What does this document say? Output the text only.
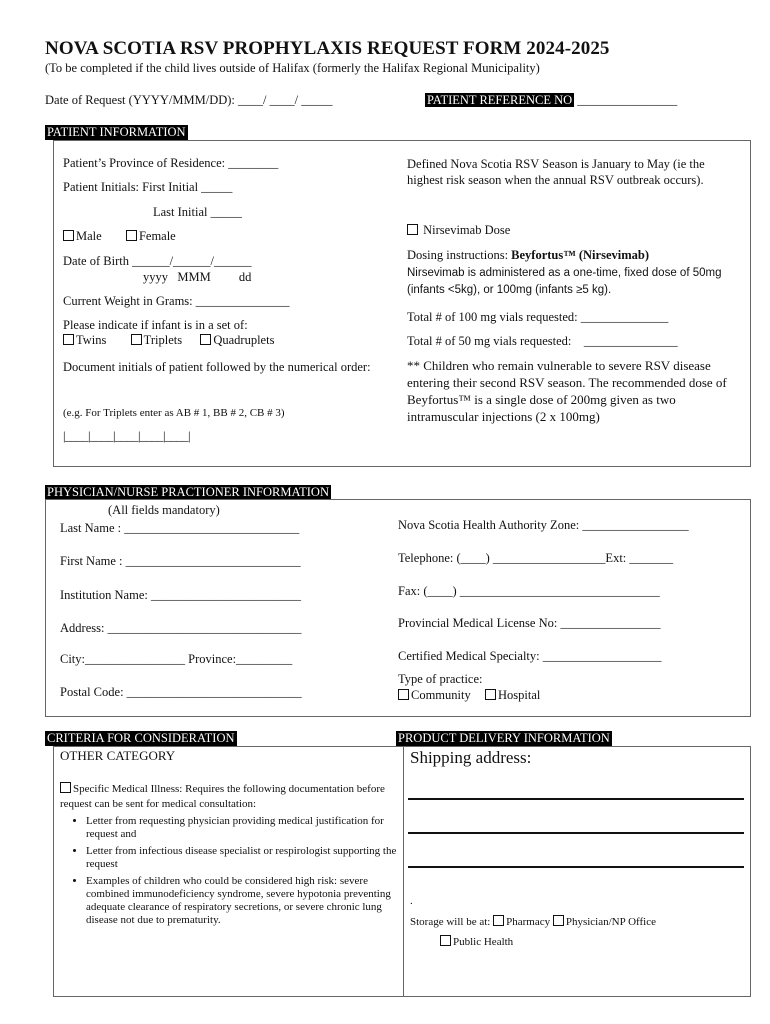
NOVA SCOTIA RSV PROPHYLAXIS REQUEST FORM 2024-2025
(To be completed if the child lives outside of Halifax (formerly the Halifax Regional Municipality)
Date of Request (YYYY/MMM/DD): ____/ ____/ _____	PATIENT REFERENCE NO ________________
PATIENT INFORMATION
Patient’s Province of Residence: ________
Patient Initials: First Initial _____
Last Initial _____
Male	Female
Date of Birth ______/______/______
yyyy   MMM         dd
Current Weight in Grams: _______________
Please indicate if infant is in a set of:
Twins	Triplets	Quadruplets
Document initials of patient followed by the numerical order:
(e.g. For Triplets enter as AB # 1, BB # 2, CB # 3)
|____|____|____|____|____|
Defined Nova Scotia RSV Season is January to May (ie the highest risk season when the annual RSV outbreak occurs).
Nirsevimab Dose
Dosing instructions: Beyfortus™ (Nirsevimab)
Nirsevimab is administered as a one-time, fixed dose of 50mg (infants <5kg), or 100mg (infants ≥5 kg).
Total # of 100 mg vials requested: ______________
Total # of 50 mg vials requested:    _______________
** Children who remain vulnerable to severe RSV disease entering their second RSV season. The recommended dose of Beyfortus™ is a single dose of 200mg given as two intramuscular injections (2 x 100mg)
PHYSICIAN/NURSE PRACTIONER INFORMATION
(All fields mandatory)
Last Name : ____________________________
First Name : ____________________________
Institution Name: ________________________
Address: _______________________________
City:________________ Province:_________
Postal Code: ____________________________
Nova Scotia Health Authority Zone: _________________
Telephone: (____) __________________Ext: _______
Fax: (____) ________________________________
Provincial Medical License No: ________________
Certified Medical Specialty: ___________________
Type of practice:
Community Hospital
CRITERIA FOR CONSIDERATION	PRODUCT DELIVERY INFORMATION
OTHER CATEGORY
Specific Medical Illness: Requires the following documentation before request can be sent for medical consultation:
• Letter from requesting physician providing medical justification for request and
• Letter from infectious disease specialist or respirologist supporting the request
• Examples of children who could be considered high risk: severe combined immunodeficiency syndrome, severe hypotonia preventing adequate clearance of respiratory secretions, or severe chronic lung disease not due to prematurity.
Shipping address:
.
Storage will be at: Pharmacy Physician/NP Office
Public Health
